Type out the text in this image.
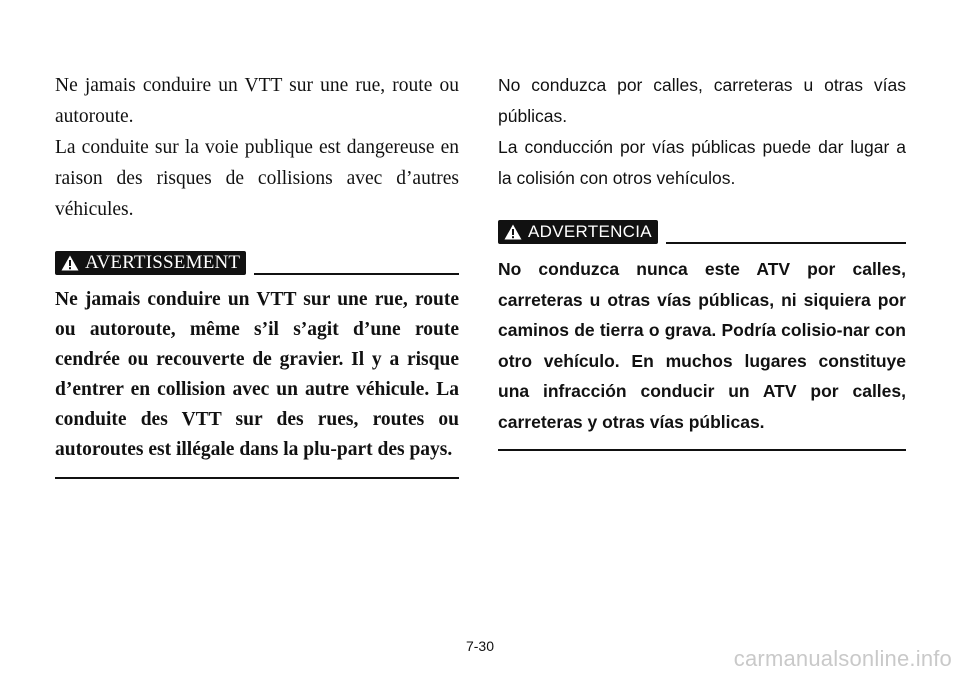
Ne jamais conduire un VTT sur une rue, route ou autoroute.

La conduite sur la voie publique est dangereuse en raison des risques de collisions avec d’autres véhicules.

AVERTISSEMENT

Ne jamais conduire un VTT sur une rue, route ou autoroute, même s’il s’agit d’une route cendrée ou recouverte de gravier. Il y a risque d’entrer en collision avec un autre véhicule. La conduite des VTT sur des rues, routes ou autoroutes est illégale dans la plu-part des pays.

No conduzca por calles, carreteras u otras vías públicas.

La conducción por vías públicas puede dar lugar a la colisión con otros vehículos.

ADVERTENCIA

No conduzca nunca este ATV por calles, carreteras u otras vías públicas, ni siquiera por caminos de tierra o grava. Podría colisio-nar con otro vehículo. En muchos lugares constituye una infracción conducir un ATV por calles, carreteras y otras vías públicas.

7-30	carmanualsonline.info
